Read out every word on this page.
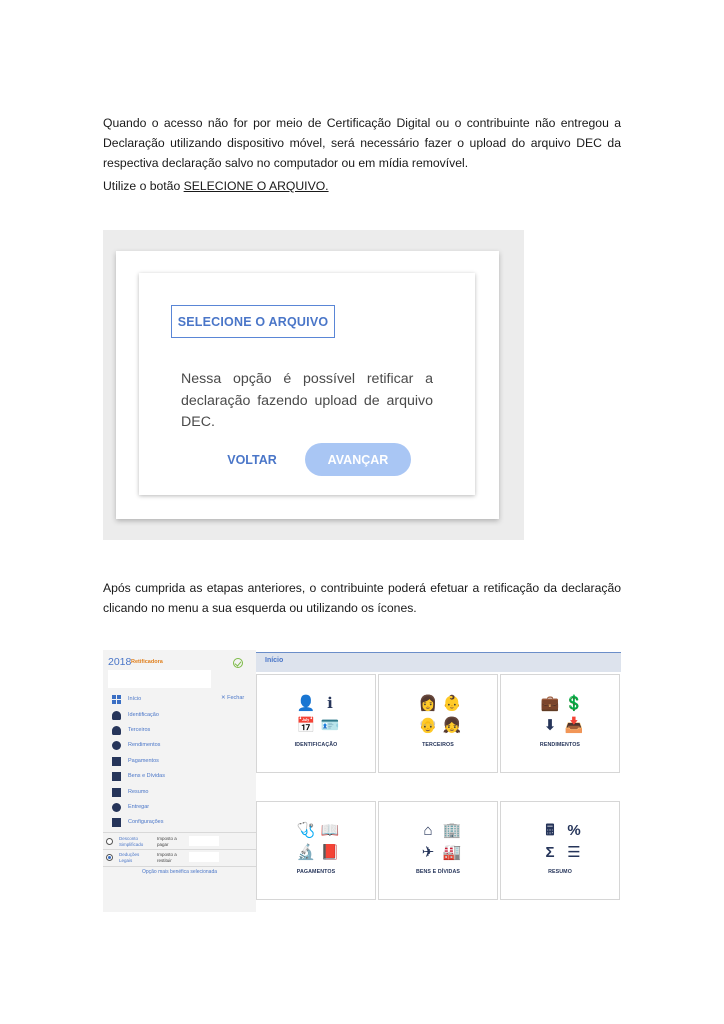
Quando o acesso não for por meio de Certificação Digital ou o contribuinte não entregou a Declaração utilizando dispositivo móvel, será necessário fazer o upload do arquivo DEC da respectiva declaração salvo no computador ou em mídia removível.

Utilize o botão SELECIONE O ARQUIVO.

SELECIONE O ARQUIVO

Nessa opção é possível retificar a declaração fazendo upload de arquivo DEC.

VOLTAR	AVANÇAR

Após cumprida as etapas anteriores, o contribuinte poderá efetuar a retificação da declaração clicando no menu a sua esquerda ou utilizando os ícones.

2018 Retificadora
✕ Fechar
Início
Identificação
Terceiros
Rendimentos
Pagamentos
Bens e Dívidas
Resumo
Entregar
Configurações
Desconto Simplificado
Imposto a pagar
Deduções Legais
Imposto a restituir
Opção mais benéfica selecionada
Início
👤 ℹ
📅 🪪
IDENTIFICAÇÃO
👩 👶
👴 👧
TERCEIROS
💼 💲
⬇ 📥
RENDIMENTOS
🩺 📖
🔬 📕
PAGAMENTOS
⌂ 🏢
✈ 🏭
BENS E DÍVIDAS
🖩 %
Σ ☰
RESUMO
